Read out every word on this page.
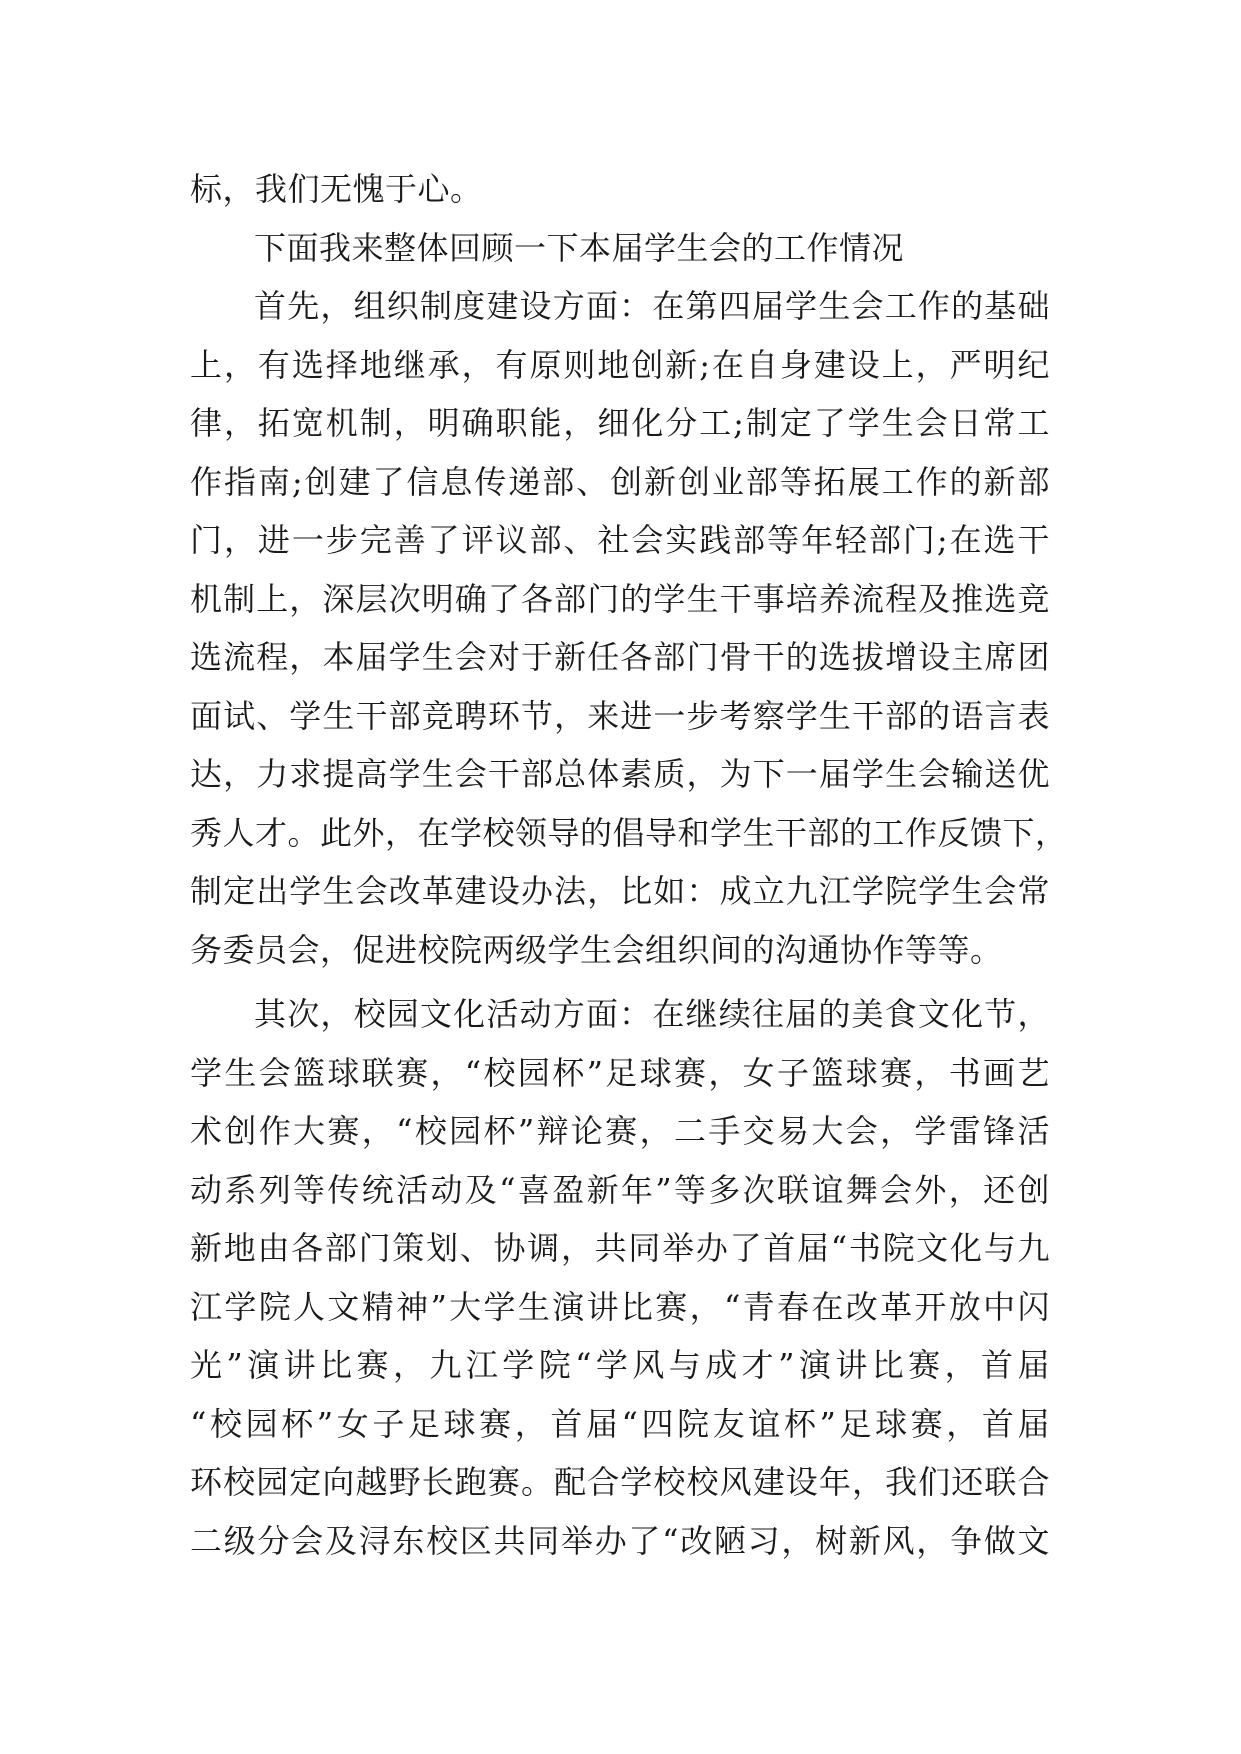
标，我们无愧于心。
下面我来整体回顾一下本届学生会的工作情况
首先，组织制度建设方面：在第四届学生会工作的基础
上，有选择地继承，有原则地创新;在自身建设上，严明纪
律，拓宽机制，明确职能，细化分工;制定了学生会日常工
作指南;创建了信息传递部、创新创业部等拓展工作的新部
门，进一步完善了评议部、社会实践部等年轻部门;在选干
机制上，深层次明确了各部门的学生干事培养流程及推选竞
选流程，本届学生会对于新任各部门骨干的选拔增设主席团
面试、学生干部竞聘环节，来进一步考察学生干部的语言表
达，力求提高学生会干部总体素质，为下一届学生会输送优
秀人才。此外，在学校领导的倡导和学生干部的工作反馈下，
制定出学生会改革建设办法，比如：成立九江学院学生会常
务委员会，促进校院两级学生会组织间的沟通协作等等。
其次，校园文化活动方面：在继续往届的美食文化节，
学生会篮球联赛，“校园杯”足球赛，女子篮球赛，书画艺
术创作大赛，“校园杯”辩论赛，二手交易大会，学雷锋活
动系列等传统活动及“喜盈新年”等多次联谊舞会外，还创
新地由各部门策划、协调，共同举办了首届“书院文化与九
江学院人文精神”大学生演讲比赛，“青春在改革开放中闪
光”演讲比赛，九江学院“学风与成才”演讲比赛，首届
“校园杯”女子足球赛，首届“四院友谊杯”足球赛，首届
环校园定向越野长跑赛。配合学校校风建设年，我们还联合
二级分会及浔东校区共同举办了“改陋习，树新风，争做文
